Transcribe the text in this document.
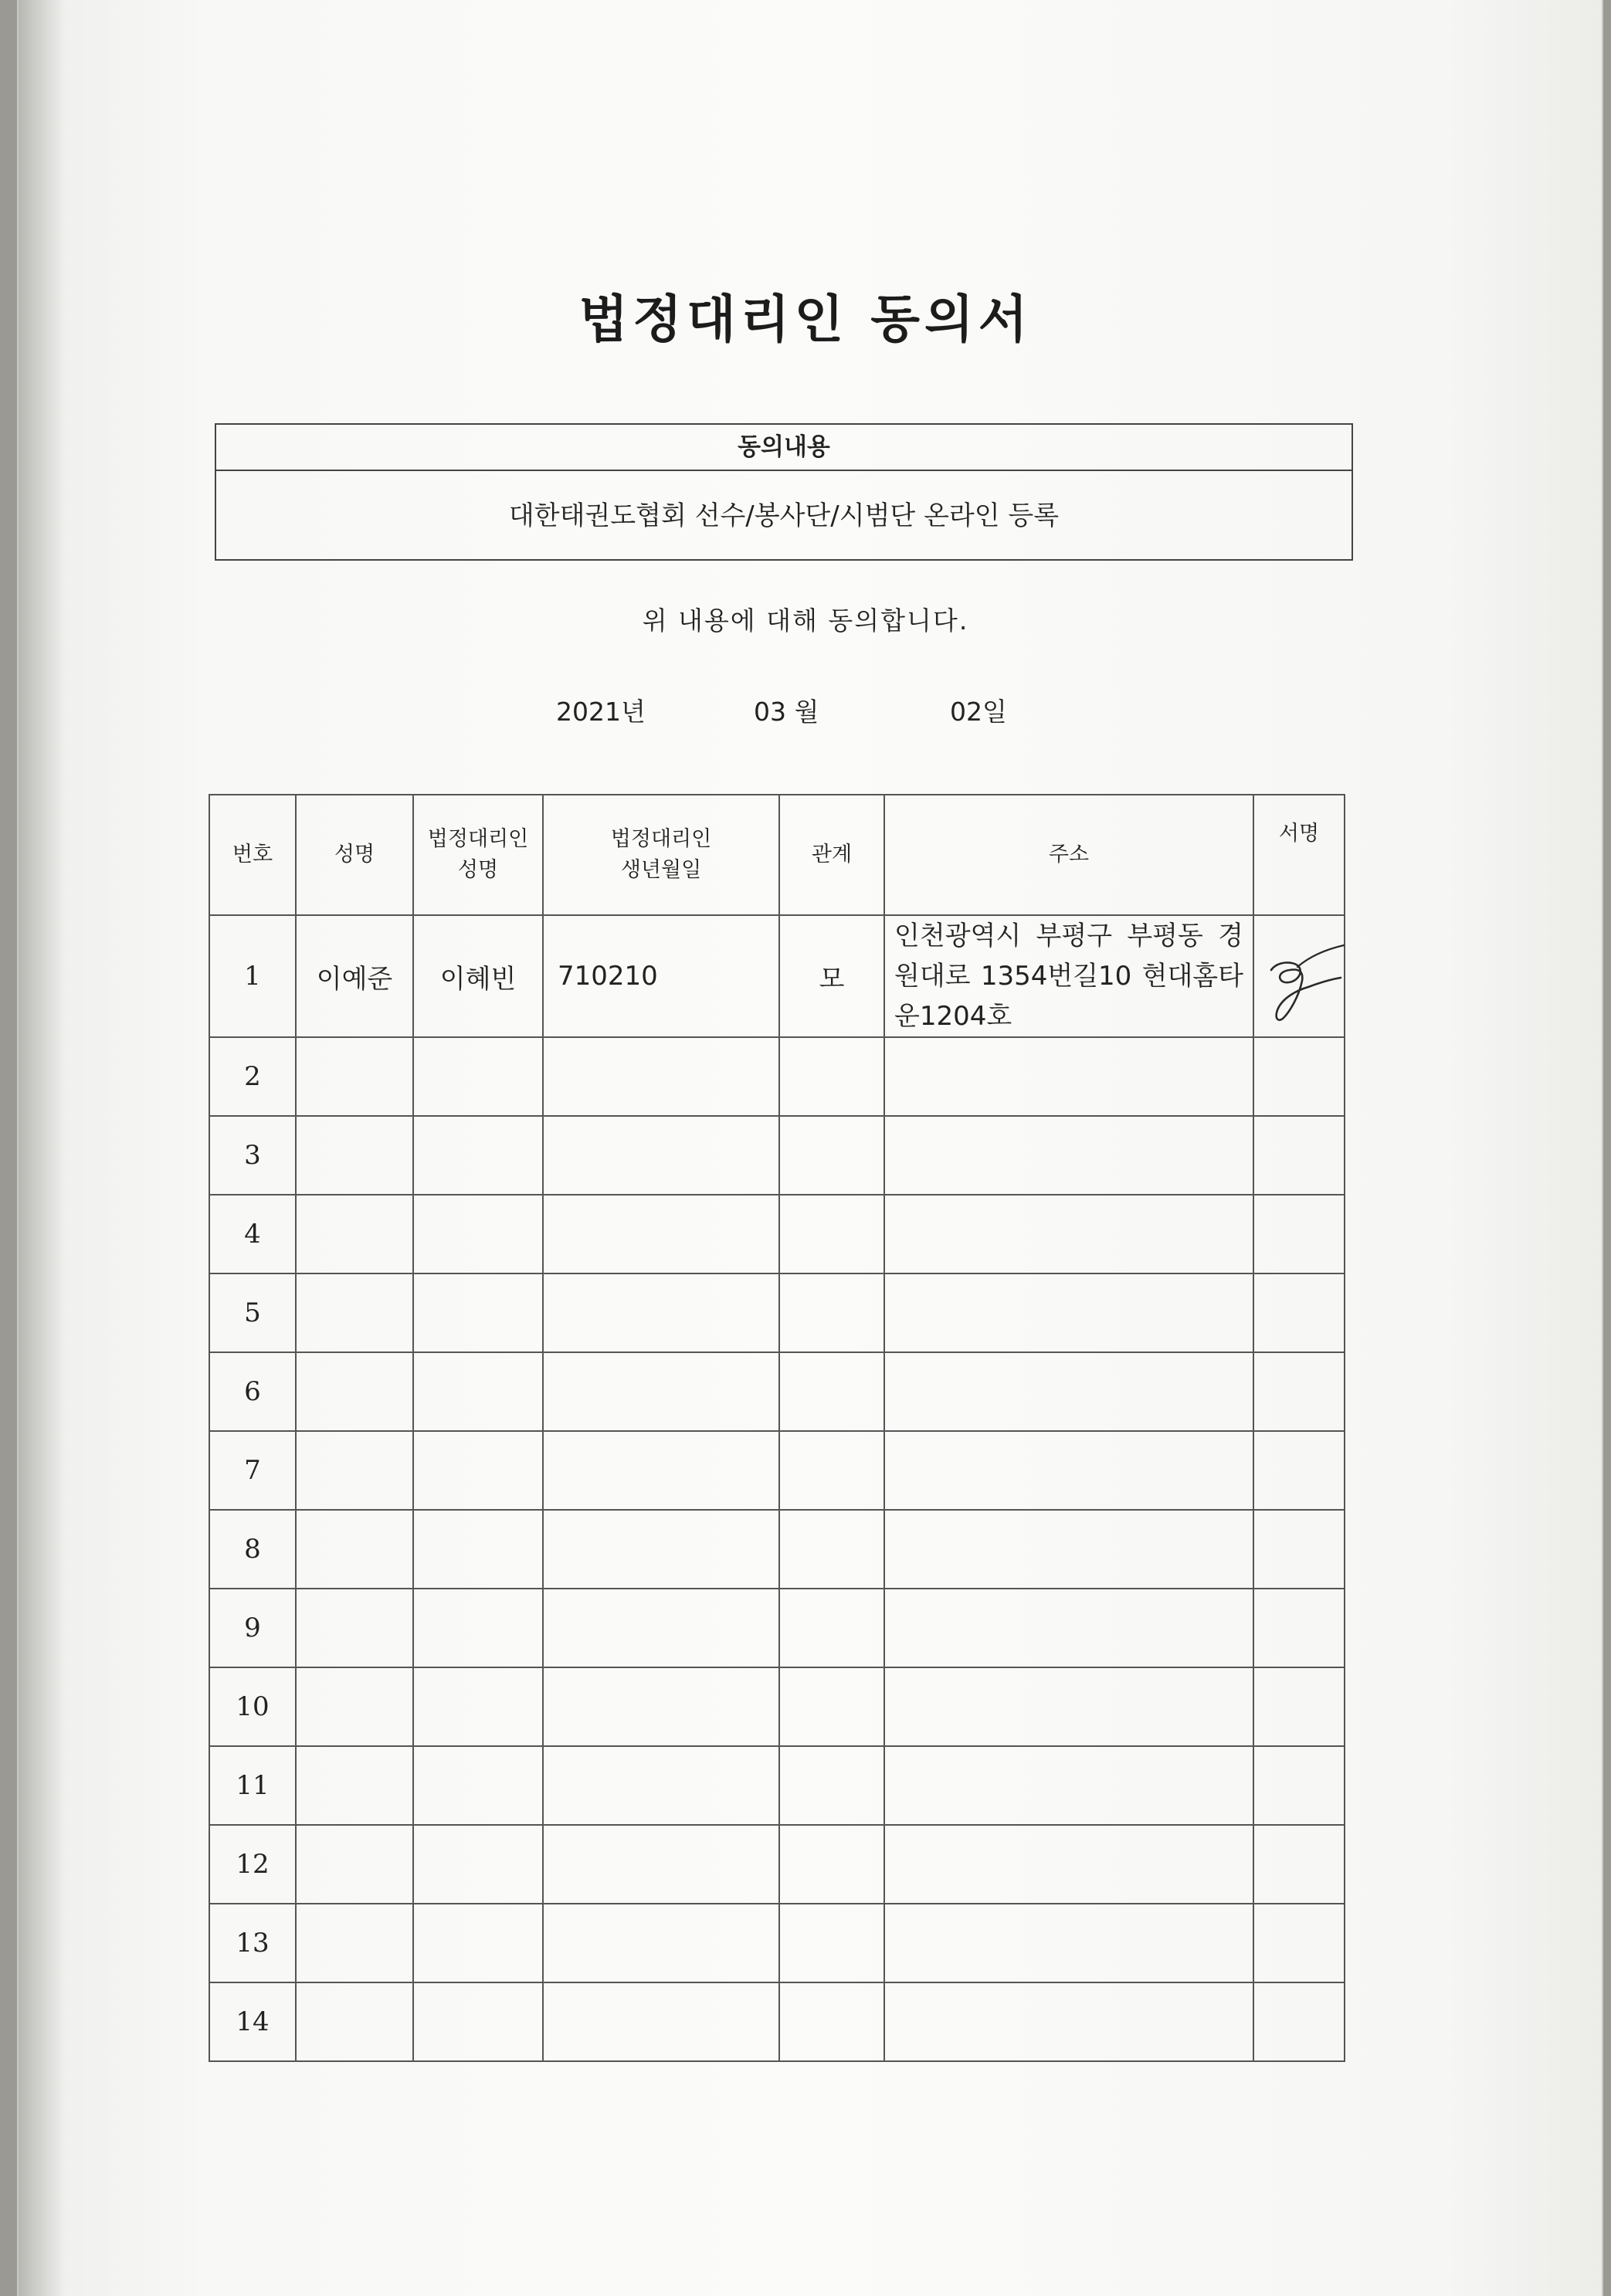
법정대리인 동의서
동의내용
대한태권도협회 선수/봉사단/시범단 온라인 등록
위 내용에 대해 동의합니다.
2021년	03 월	02일
번호	성명	법정대리인 성명	법정대리인 생년월일	관계	주소	서명
1	이예준	이혜빈	710210	모	인천광역시 부평구 부평동 경원대로 1354번길10 현대홈타운1204호	

2						
3						
4						
5						
6						
7						
8						
9						
10						
11						
12						
13						
14						
